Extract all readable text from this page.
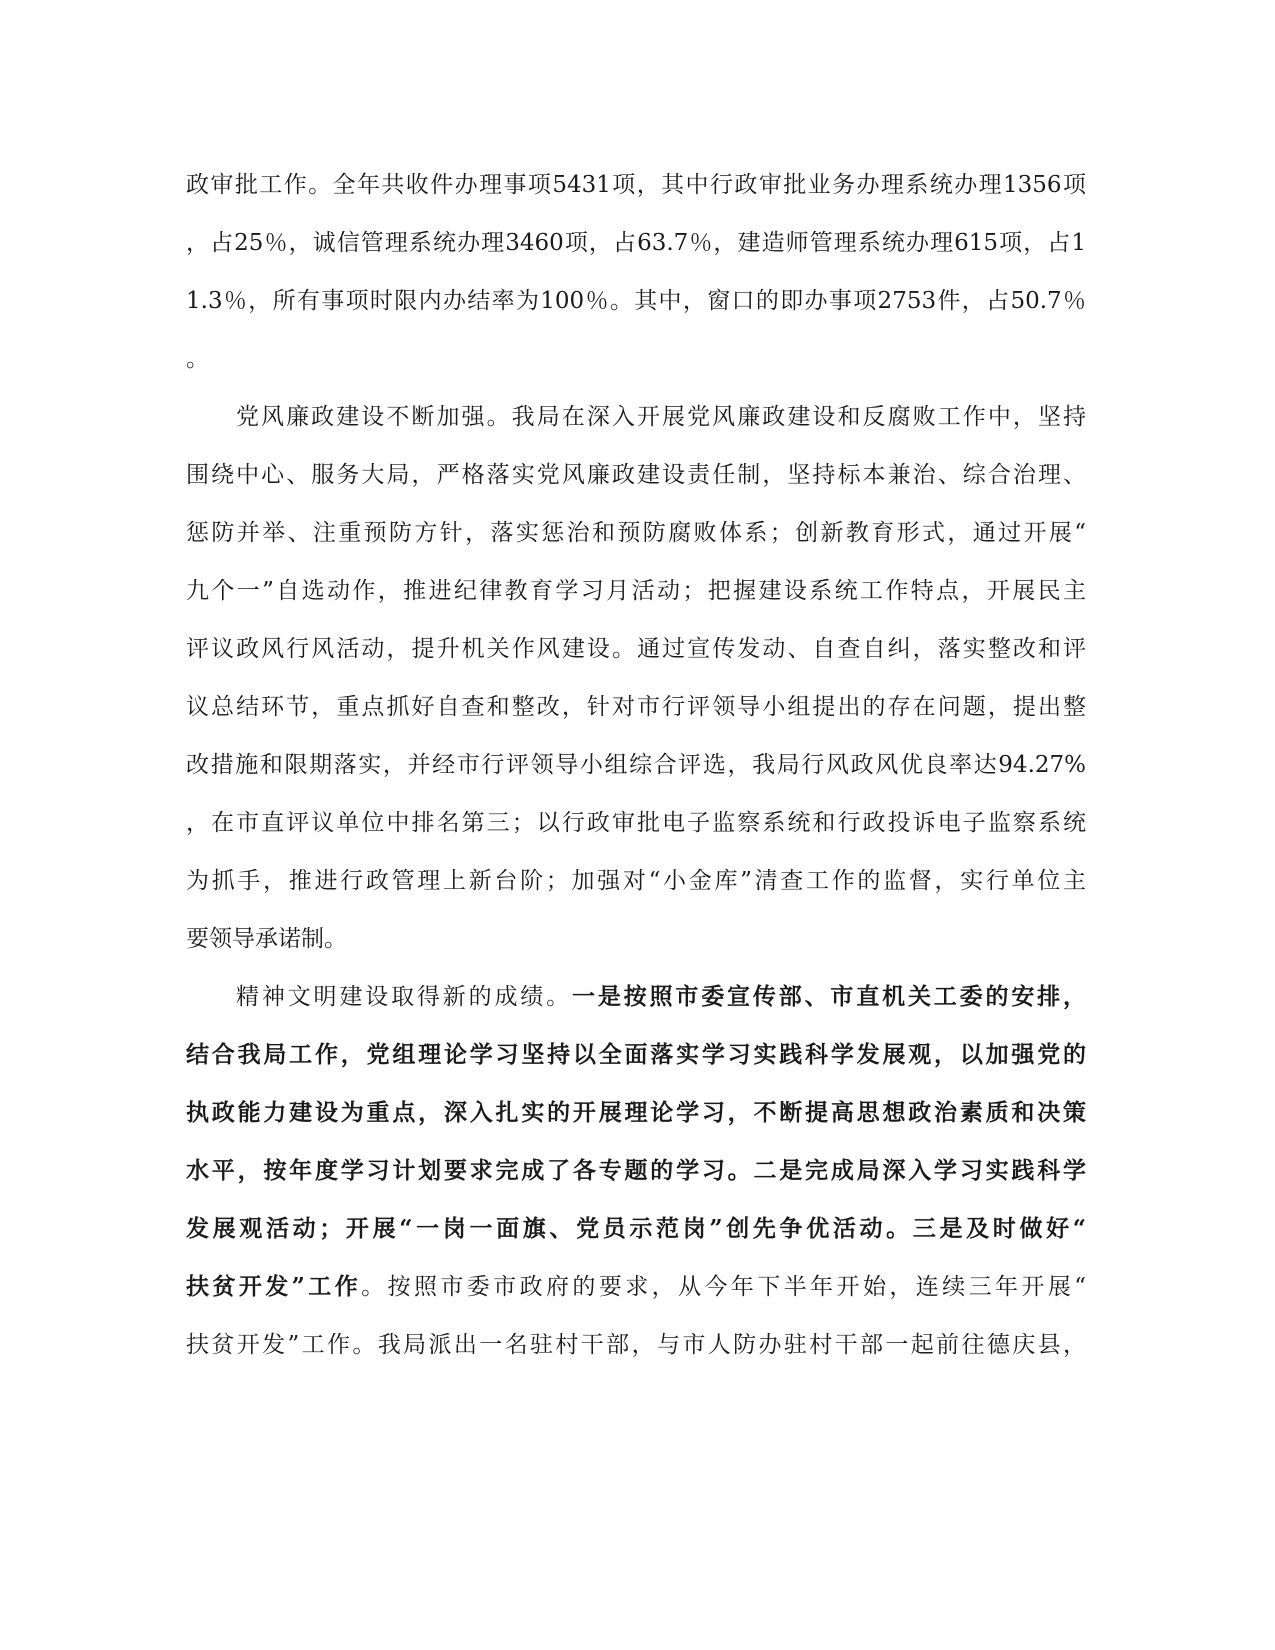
政审批工作。全年共收件办理事项5431项，其中行政审批业务办理系统办理1356项
，占25％，诚信管理系统办理3460项，占63.7％，建造师管理系统办理615项，占1
1.3％，所有事项时限内办结率为100％。其中，窗口的即办事项2753件，占50.7％
。
党风廉政建设不断加强。我局在深入开展党风廉政建设和反腐败工作中，坚持
围绕中心、服务大局，严格落实党风廉政建设责任制，坚持标本兼治、综合治理、
惩防并举、注重预防方针，落实惩治和预防腐败体系；创新教育形式，通过开展“
九个一”自选动作，推进纪律教育学习月活动；把握建设系统工作特点，开展民主
评议政风行风活动，提升机关作风建设。通过宣传发动、自查自纠，落实整改和评
议总结环节，重点抓好自查和整改，针对市行评领导小组提出的存在问题，提出整
改措施和限期落实，并经市行评领导小组综合评选，我局行风政风优良率达94.27%
，在市直评议单位中排名第三；以行政审批电子监察系统和行政投诉电子监察系统
为抓手，推进行政管理上新台阶；加强对“小金库”清查工作的监督，实行单位主
要领导承诺制。
精神文明建设取得新的成绩。一是按照市委宣传部、市直机关工委的安排，
结合我局工作，党组理论学习坚持以全面落实学习实践科学发展观，以加强党的
执政能力建设为重点，深入扎实的开展理论学习，不断提高思想政治素质和决策
水平，按年度学习计划要求完成了各专题的学习。二是完成局深入学习实践科学
发展观活动；开展“一岗一面旗、党员示范岗”创先争优活动。三是及时做好“
扶贫开发”工作。按照市委市政府的要求，从今年下半年开始，连续三年开展“
扶贫开发”工作。我局派出一名驻村干部，与市人防办驻村干部一起前往德庆县，
